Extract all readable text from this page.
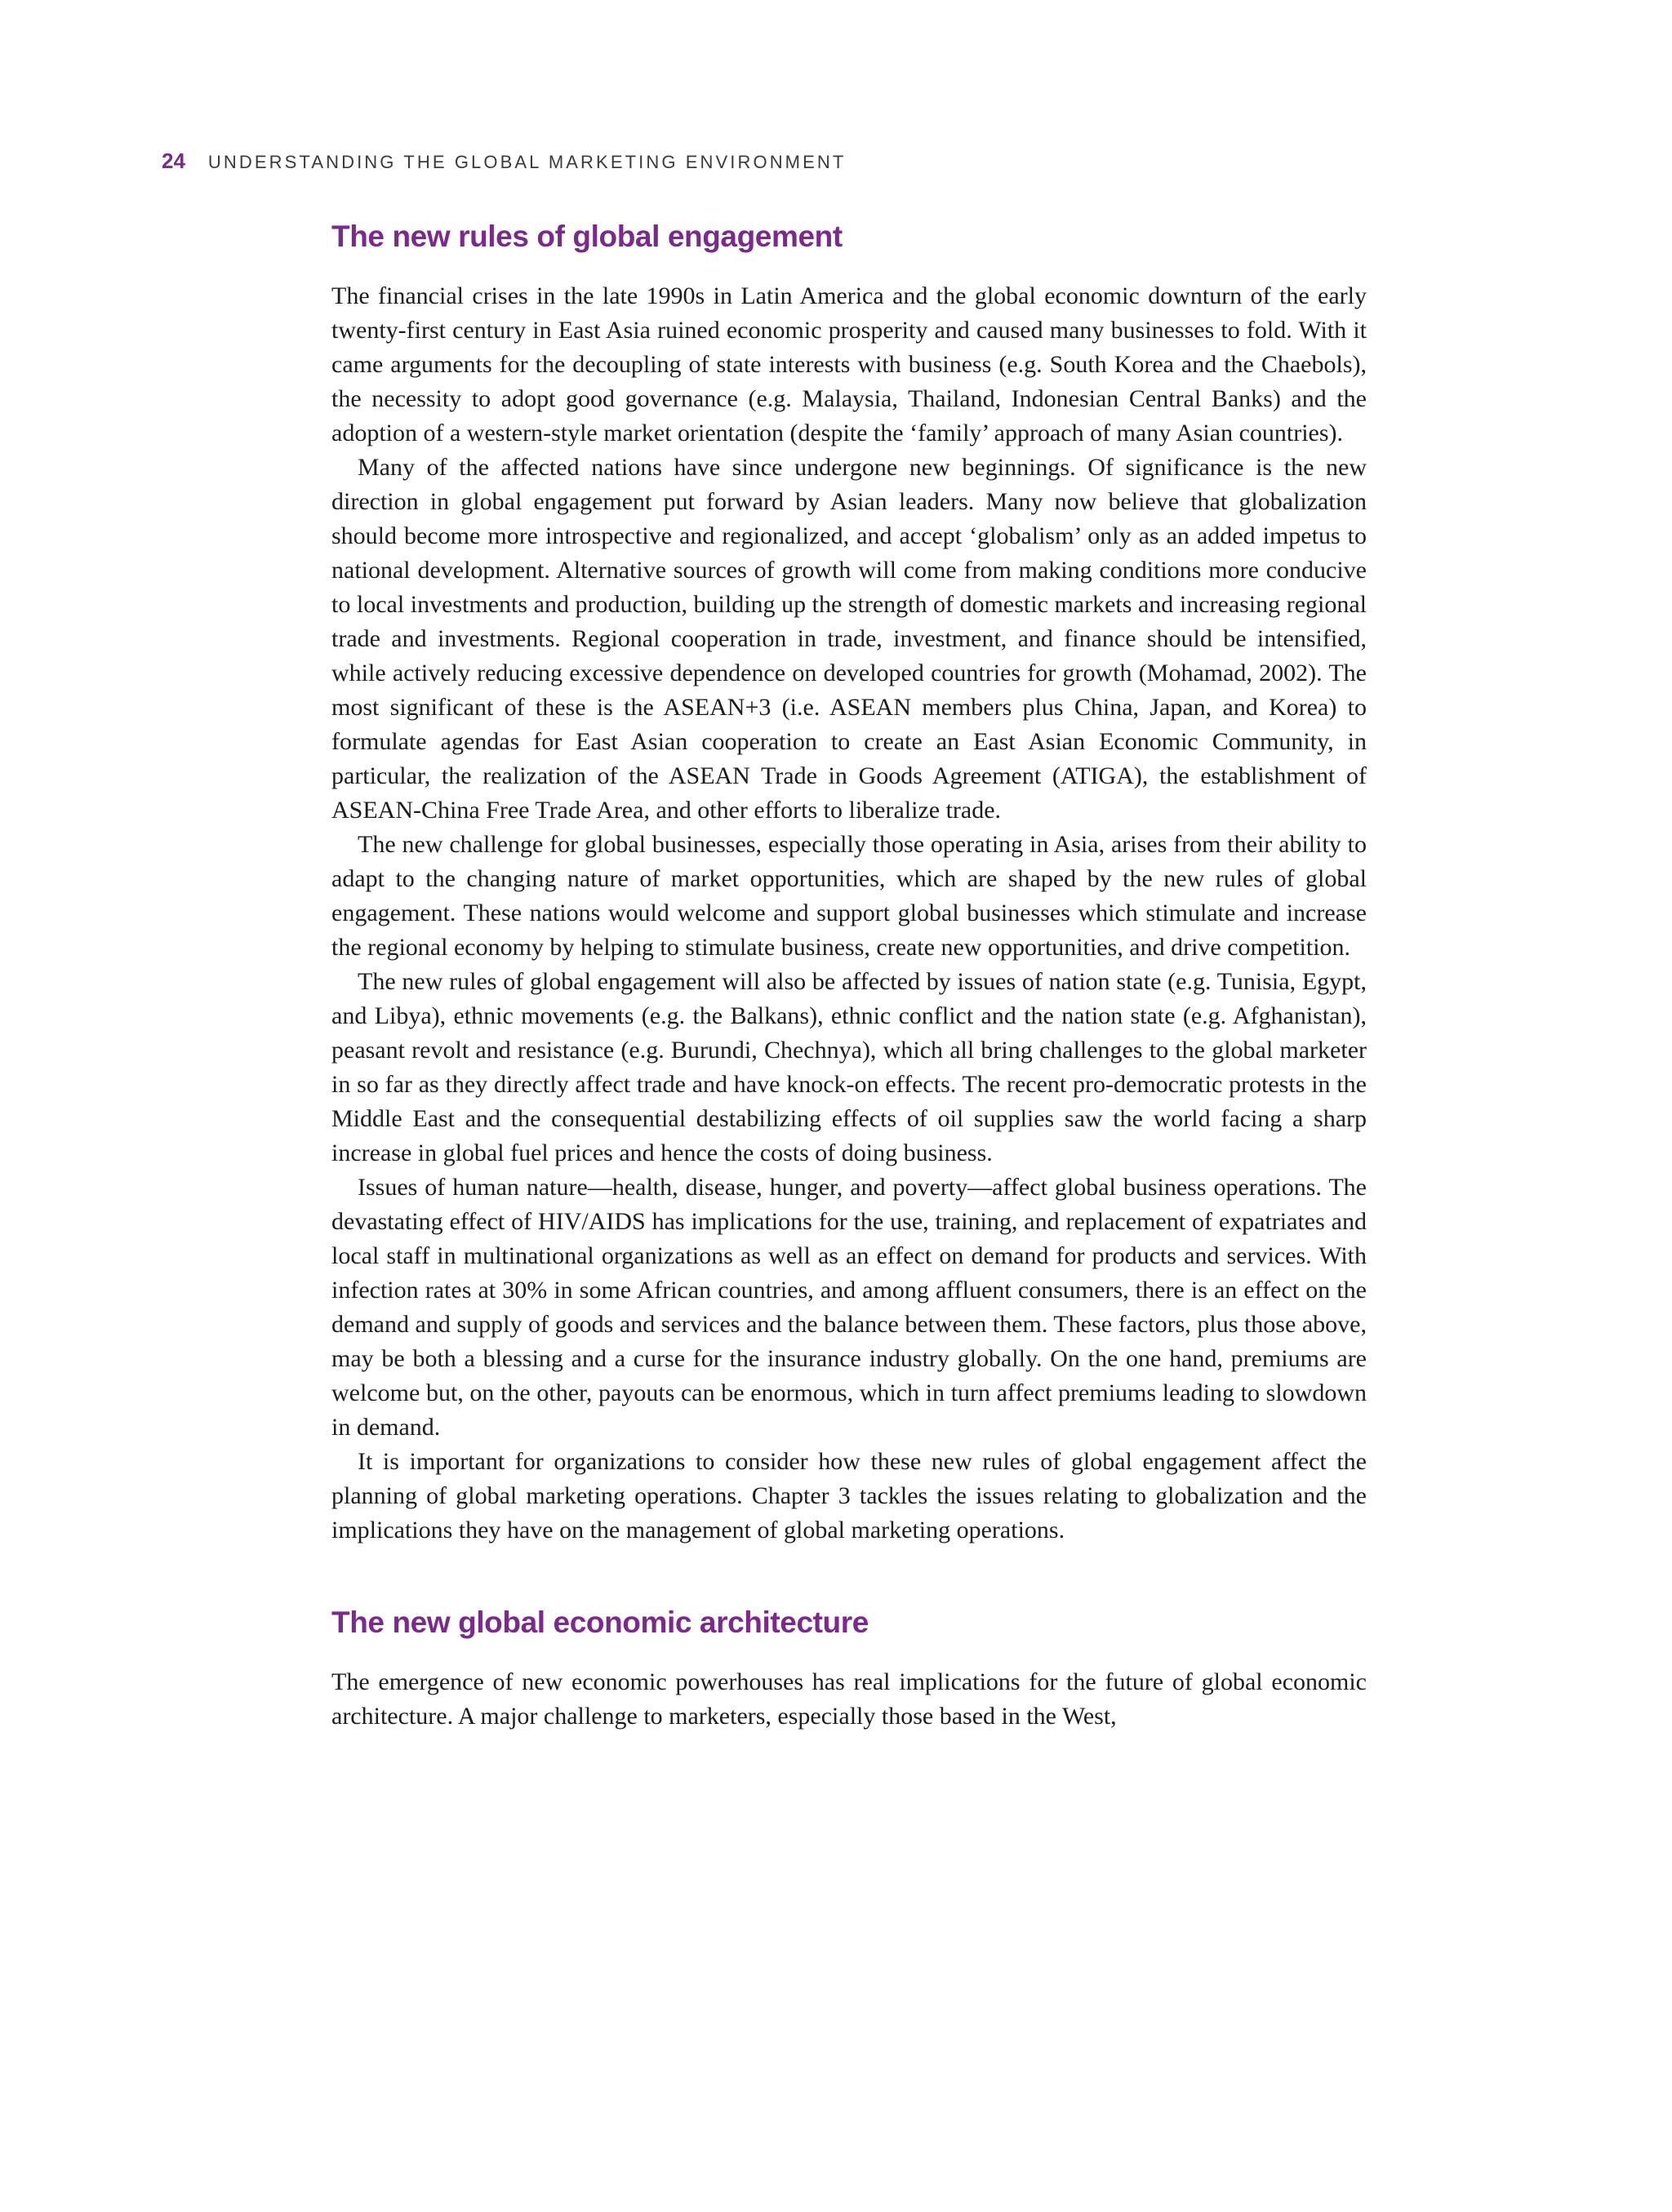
24 UNDERSTANDING THE GLOBAL MARKETING ENVIRONMENT
The new rules of global engagement

The financial crises in the late 1990s in Latin America and the global economic downturn of the early twenty-first century in East Asia ruined economic prosperity and caused many businesses to fold. With it came arguments for the decoupling of state interests with business (e.g. South Korea and the Chaebols), the necessity to adopt good governance (e.g. Malaysia, Thailand, Indonesian Central Banks) and the adoption of a western-style market orientation (despite the ‘family’ approach of many Asian countries).

Many of the affected nations have since undergone new beginnings. Of significance is the new direction in global engagement put forward by Asian leaders. Many now believe that globalization should become more introspective and regionalized, and accept ‘globalism’ only as an added impetus to national development. Alternative sources of growth will come from making conditions more conducive to local investments and production, building up the strength of domestic markets and increasing regional trade and investments. Regional cooperation in trade, investment, and finance should be intensified, while actively reducing excessive dependence on developed countries for growth (Mohamad, 2002). The most significant of these is the ASEAN+3 (i.e. ASEAN members plus China, Japan, and Korea) to formulate agendas for East Asian cooperation to create an East Asian Economic Community, in particular, the realization of the ASEAN Trade in Goods Agreement (ATIGA), the establishment of ASEAN-China Free Trade Area, and other efforts to liberalize trade.

The new challenge for global businesses, especially those operating in Asia, arises from their ability to adapt to the changing nature of market opportunities, which are shaped by the new rules of global engagement. These nations would welcome and support global businesses which stimulate and increase the regional economy by helping to stimulate business, create new opportunities, and drive competition.

The new rules of global engagement will also be affected by issues of nation state (e.g. Tunisia, Egypt, and Libya), ethnic movements (e.g. the Balkans), ethnic conflict and the nation state (e.g. Afghanistan), peasant revolt and resistance (e.g. Burundi, Chechnya), which all bring challenges to the global marketer in so far as they directly affect trade and have knock-on effects. The recent pro-democratic protests in the Middle East and the consequential destabilizing effects of oil supplies saw the world facing a sharp increase in global fuel prices and hence the costs of doing business.

Issues of human nature—health, disease, hunger, and poverty—affect global business operations. The devastating effect of HIV/AIDS has implications for the use, training, and replacement of expatriates and local staff in multinational organizations as well as an effect on demand for products and services. With infection rates at 30% in some African countries, and among affluent consumers, there is an effect on the demand and supply of goods and services and the balance between them. These factors, plus those above, may be both a blessing and a curse for the insurance industry globally. On the one hand, premiums are welcome but, on the other, payouts can be enormous, which in turn affect premiums leading to slowdown in demand.

It is important for organizations to consider how these new rules of global engagement affect the planning of global marketing operations. Chapter 3 tackles the issues relating to globalization and the implications they have on the management of global marketing operations.

The new global economic architecture

The emergence of new economic powerhouses has real implications for the future of global economic architecture. A major challenge to marketers, especially those based in the West,
